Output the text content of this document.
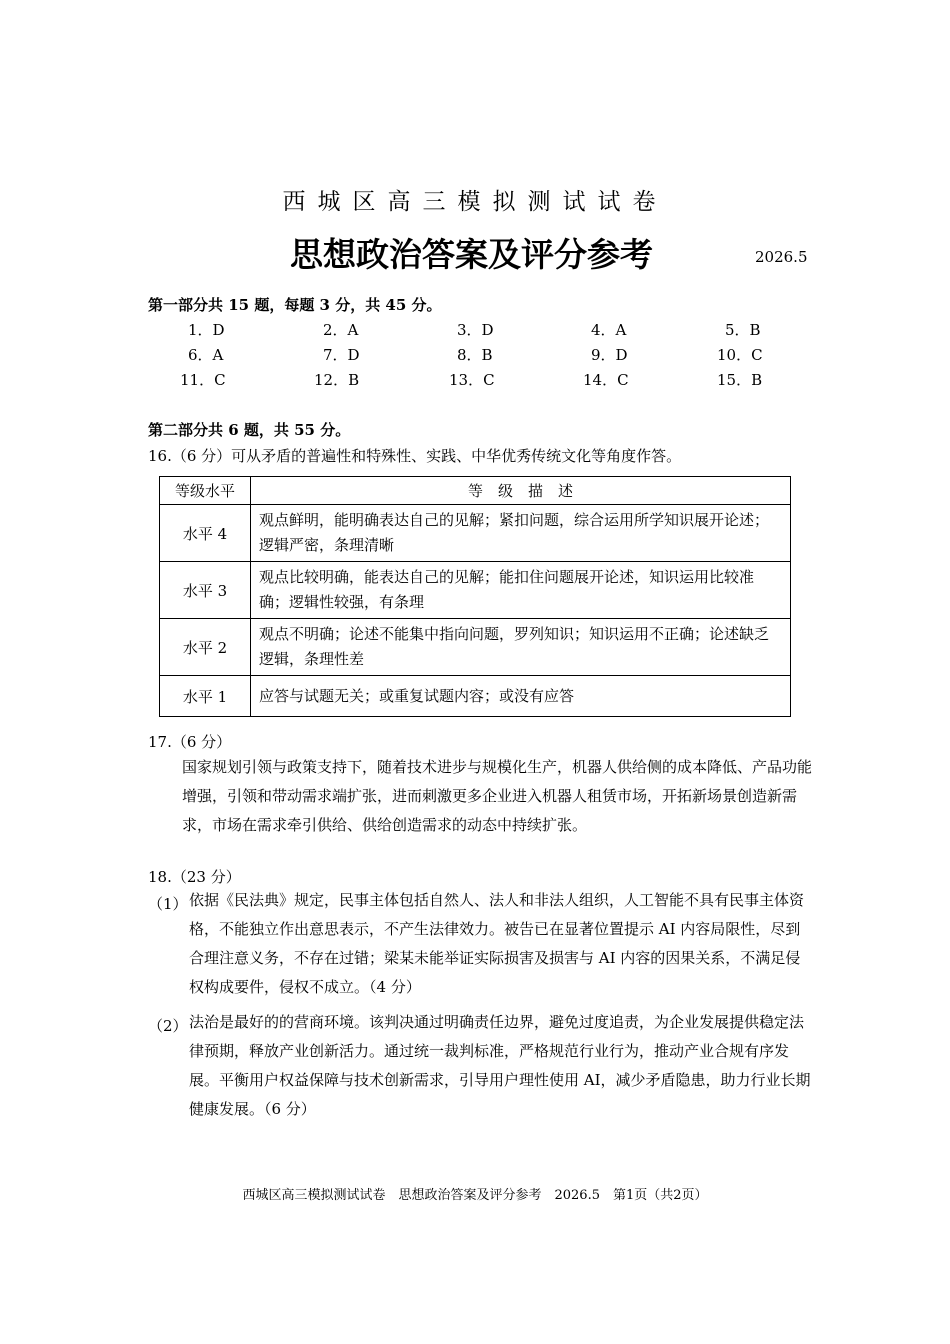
西城区高三模拟测试试卷
思想政治答案及评分参考	2026.5
第一部分共 15 题，每题 3 分，共 45 分。
1．D	2．A	3．D	4．A	5．B
6．A	7．D	8．B	9．D	10．C
11．C	12．B	13．C	14．C	15．B
第二部分共 6 题，共 55 分。
16.（6 分）可从矛盾的普遍性和特殊性、实践、中华优秀传统文化等角度作答。
等级水平	等　级　描　述
水平 4	观点鲜明，能明确表达自己的见解；紧扣问题，综合运用所学知识展开论述；逻辑严密，条理清晰
水平 3	观点比较明确，能表达自己的见解；能扣住问题展开论述，知识运用比较准确；逻辑性较强，有条理
水平 2	观点不明确；论述不能集中指向问题，罗列知识；知识运用不正确；论述缺乏逻辑，条理性差
水平 1	应答与试题无关；或重复试题内容；或没有应答
17.（6 分）
国家规划引领与政策支持下，随着技术进步与规模化生产，机器人供给侧的成本降低、产品功能增强，引领和带动需求端扩张，进而刺激更多企业进入机器人租赁市场，开拓新场景创造新需求，市场在需求牵引供给、供给创造需求的动态中持续扩张。
18.（23 分）
（1） 依据《民法典》规定，民事主体包括自然人、法人和非法人组织，人工智能不具有民事主体资格，不能独立作出意思表示，不产生法律效力。被告已在显著位置提示 AI 内容局限性，尽到合理注意义务，不存在过错；梁某未能举证实际损害及损害与 AI 内容的因果关系，不满足侵权构成要件，侵权不成立。（4 分）
（2） 法治是最好的的营商环境。该判决通过明确责任边界，避免过度追责，为企业发展提供稳定法律预期，释放产业创新活力。通过统一裁判标准，严格规范行业行为，推动产业合规有序发展。平衡用户权益保障与技术创新需求，引导用户理性使用 AI，减少矛盾隐患，助力行业长期健康发展。（6 分）
西城区高三模拟测试试卷　思想政治答案及评分参考　2026.5　第1页（共2页）
